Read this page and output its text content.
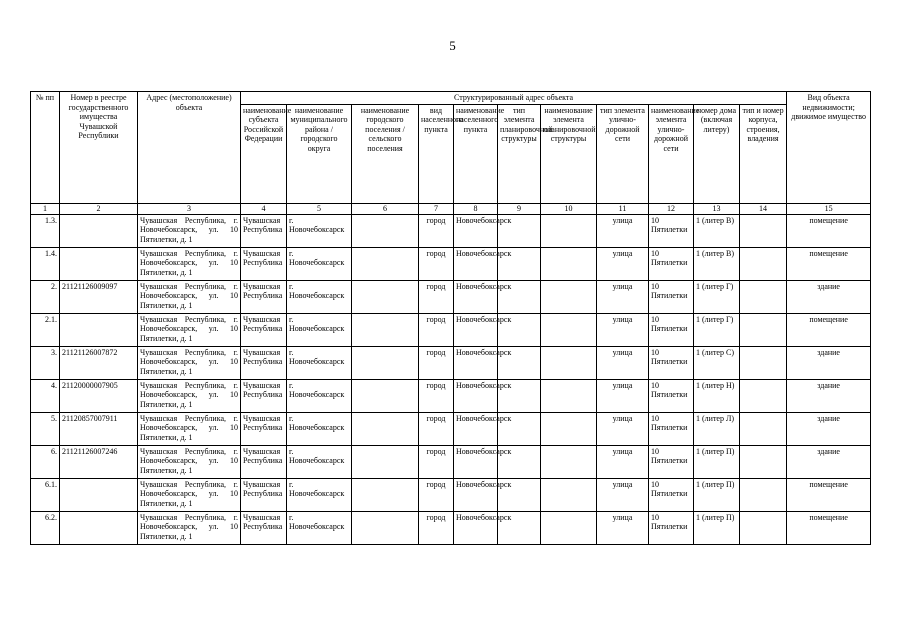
5
№ пп	Номер в реестре государственного имущества Чувашской Республики	Адрес (местоположение) объекта	Структурированный адрес объекта											Вид объекта недвижимости; движимое имущество
			наименование субъекта Российской Федерации	наименование муниципального района / городского округа	наименование городского поселения / сельского поселения	вид населенного пункта	наименование населенного пункта	тип элемента планировочной структуры	наименование элемента планировочной структуры	тип элемента улично-дорожной сети	наименование элемента улично-дорожной сети	номер дома (включая литеру)	тип и номер корпуса, строения, владения	
1	2	3	4	5	6	7	8	9	10	11	12	13	14	15
1.3.		Чувашская Республика, г. Новочебоксарск, ул. 10 Пятилетки, д. 1	Чувашская Республика	г. Новочебоксарск		город	Новочебоксарск			улица	10 Пятилетки	1 (литер В)		помещение
1.4.		Чувашская Республика, г. Новочебоксарск, ул. 10 Пятилетки, д. 1	Чувашская Республика	г. Новочебоксарск		город	Новочебоксарск			улица	10 Пятилетки	1 (литер В)		помещение
2.	21121126009097	Чувашская Республика, г. Новочебоксарск, ул. 10 Пятилетки, д. 1	Чувашская Республика	г. Новочебоксарск		город	Новочебоксарск			улица	10 Пятилетки	1 (литер Г)		здание
2.1.		Чувашская Республика, г. Новочебоксарск, ул. 10 Пятилетки, д. 1	Чувашская Республика	г. Новочебоксарск		город	Новочебоксарск			улица	10 Пятилетки	1 (литер Г)		помещение
3.	21121126007872	Чувашская Республика, г. Новочебоксарск, ул. 10 Пятилетки, д. 1	Чувашская Республика	г. Новочебоксарск		город	Новочебоксарск			улица	10 Пятилетки	1 (литер С)		здание
4.	21120000007905	Чувашская Республика, г. Новочебоксарск, ул. 10 Пятилетки, д. 1	Чувашская Республика	г. Новочебоксарск		город	Новочебоксарск			улица	10 Пятилетки	1 (литер Н)		здание
5.	21120857007911	Чувашская Республика, г. Новочебоксарск, ул. 10 Пятилетки, д. 1	Чувашская Республика	г. Новочебоксарск		город	Новочебоксарск			улица	10 Пятилетки	1 (литер Л)		здание
6.	21121126007246	Чувашская Республика, г. Новочебоксарск, ул. 10 Пятилетки, д. 1	Чувашская Республика	г. Новочебоксарск		город	Новочебоксарск			улица	10 Пятилетки	1 (литер П)		здание
6.1.		Чувашская Республика, г. Новочебоксарск, ул. 10 Пятилетки, д. 1	Чувашская Республика	г. Новочебоксарск		город	Новочебоксарск			улица	10 Пятилетки	1 (литер П)		помещение
6.2.		Чувашская Республика, г. Новочебоксарск, ул. 10 Пятилетки, д. 1	Чувашская Республика	г. Новочебоксарск		город	Новочебоксарск			улица	10 Пятилетки	1 (литер П)		помещение
